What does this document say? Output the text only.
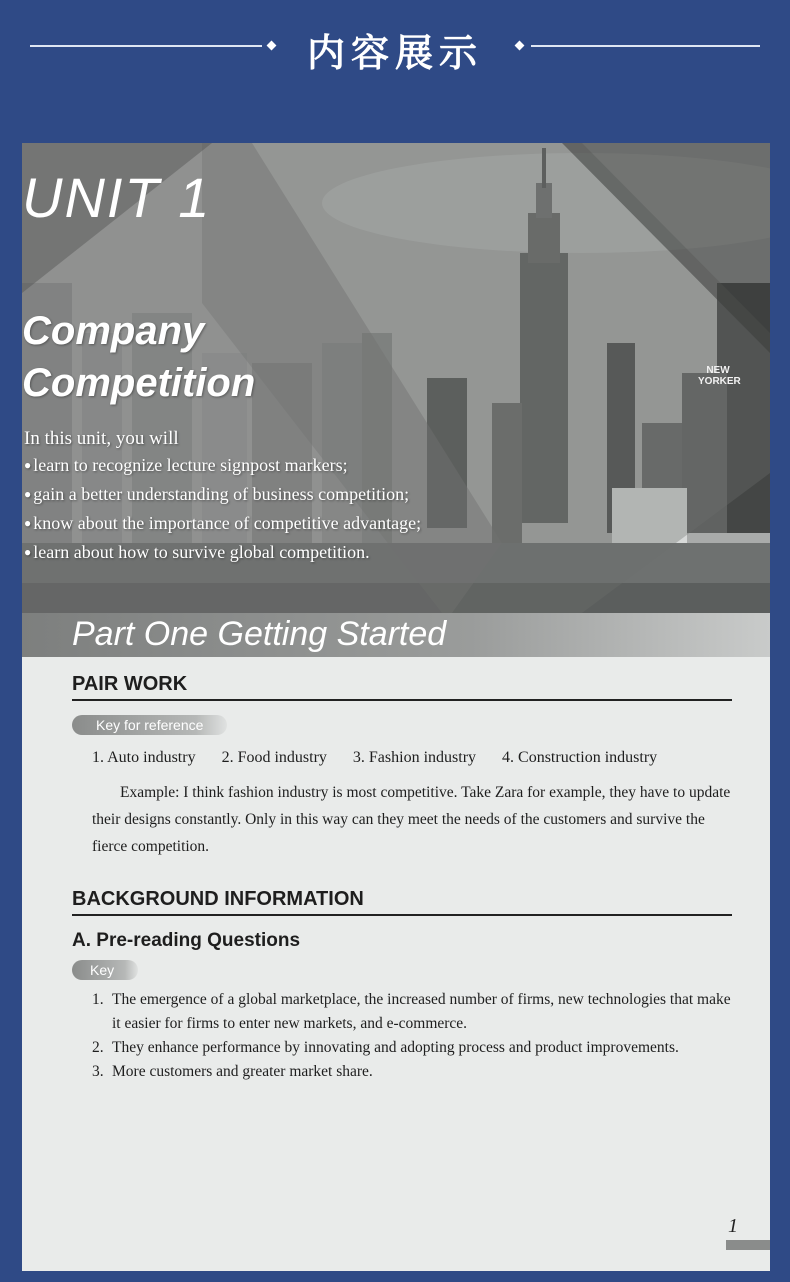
内容展示
NEW YORKER
UNIT 1
Company
Competition
In this unit, you will
● learn to recognize lecture signpost markers;
● gain a better understanding of business competition;
● know about the importance of competitive advantage;
● learn about how to survive global competition.
Part One Getting Started
PAIR WORK
Key for reference
1. Auto industry 2. Food industry 3. Fashion industry 4. Construction industry
Example: I think fashion industry is most competitive. Take Zara for example, they have to update their designs constantly. Only in this way can they meet the needs of the customers and survive the fierce competition.
BACKGROUND INFORMATION
A. Pre-reading Questions
Key
1. The emergence of a global marketplace, the increased number of firms, new technologies that make it easier for firms to enter new markets, and e-commerce.
2. They enhance performance by innovating and adopting process and product improvements.
3. More customers and greater market share.
1
